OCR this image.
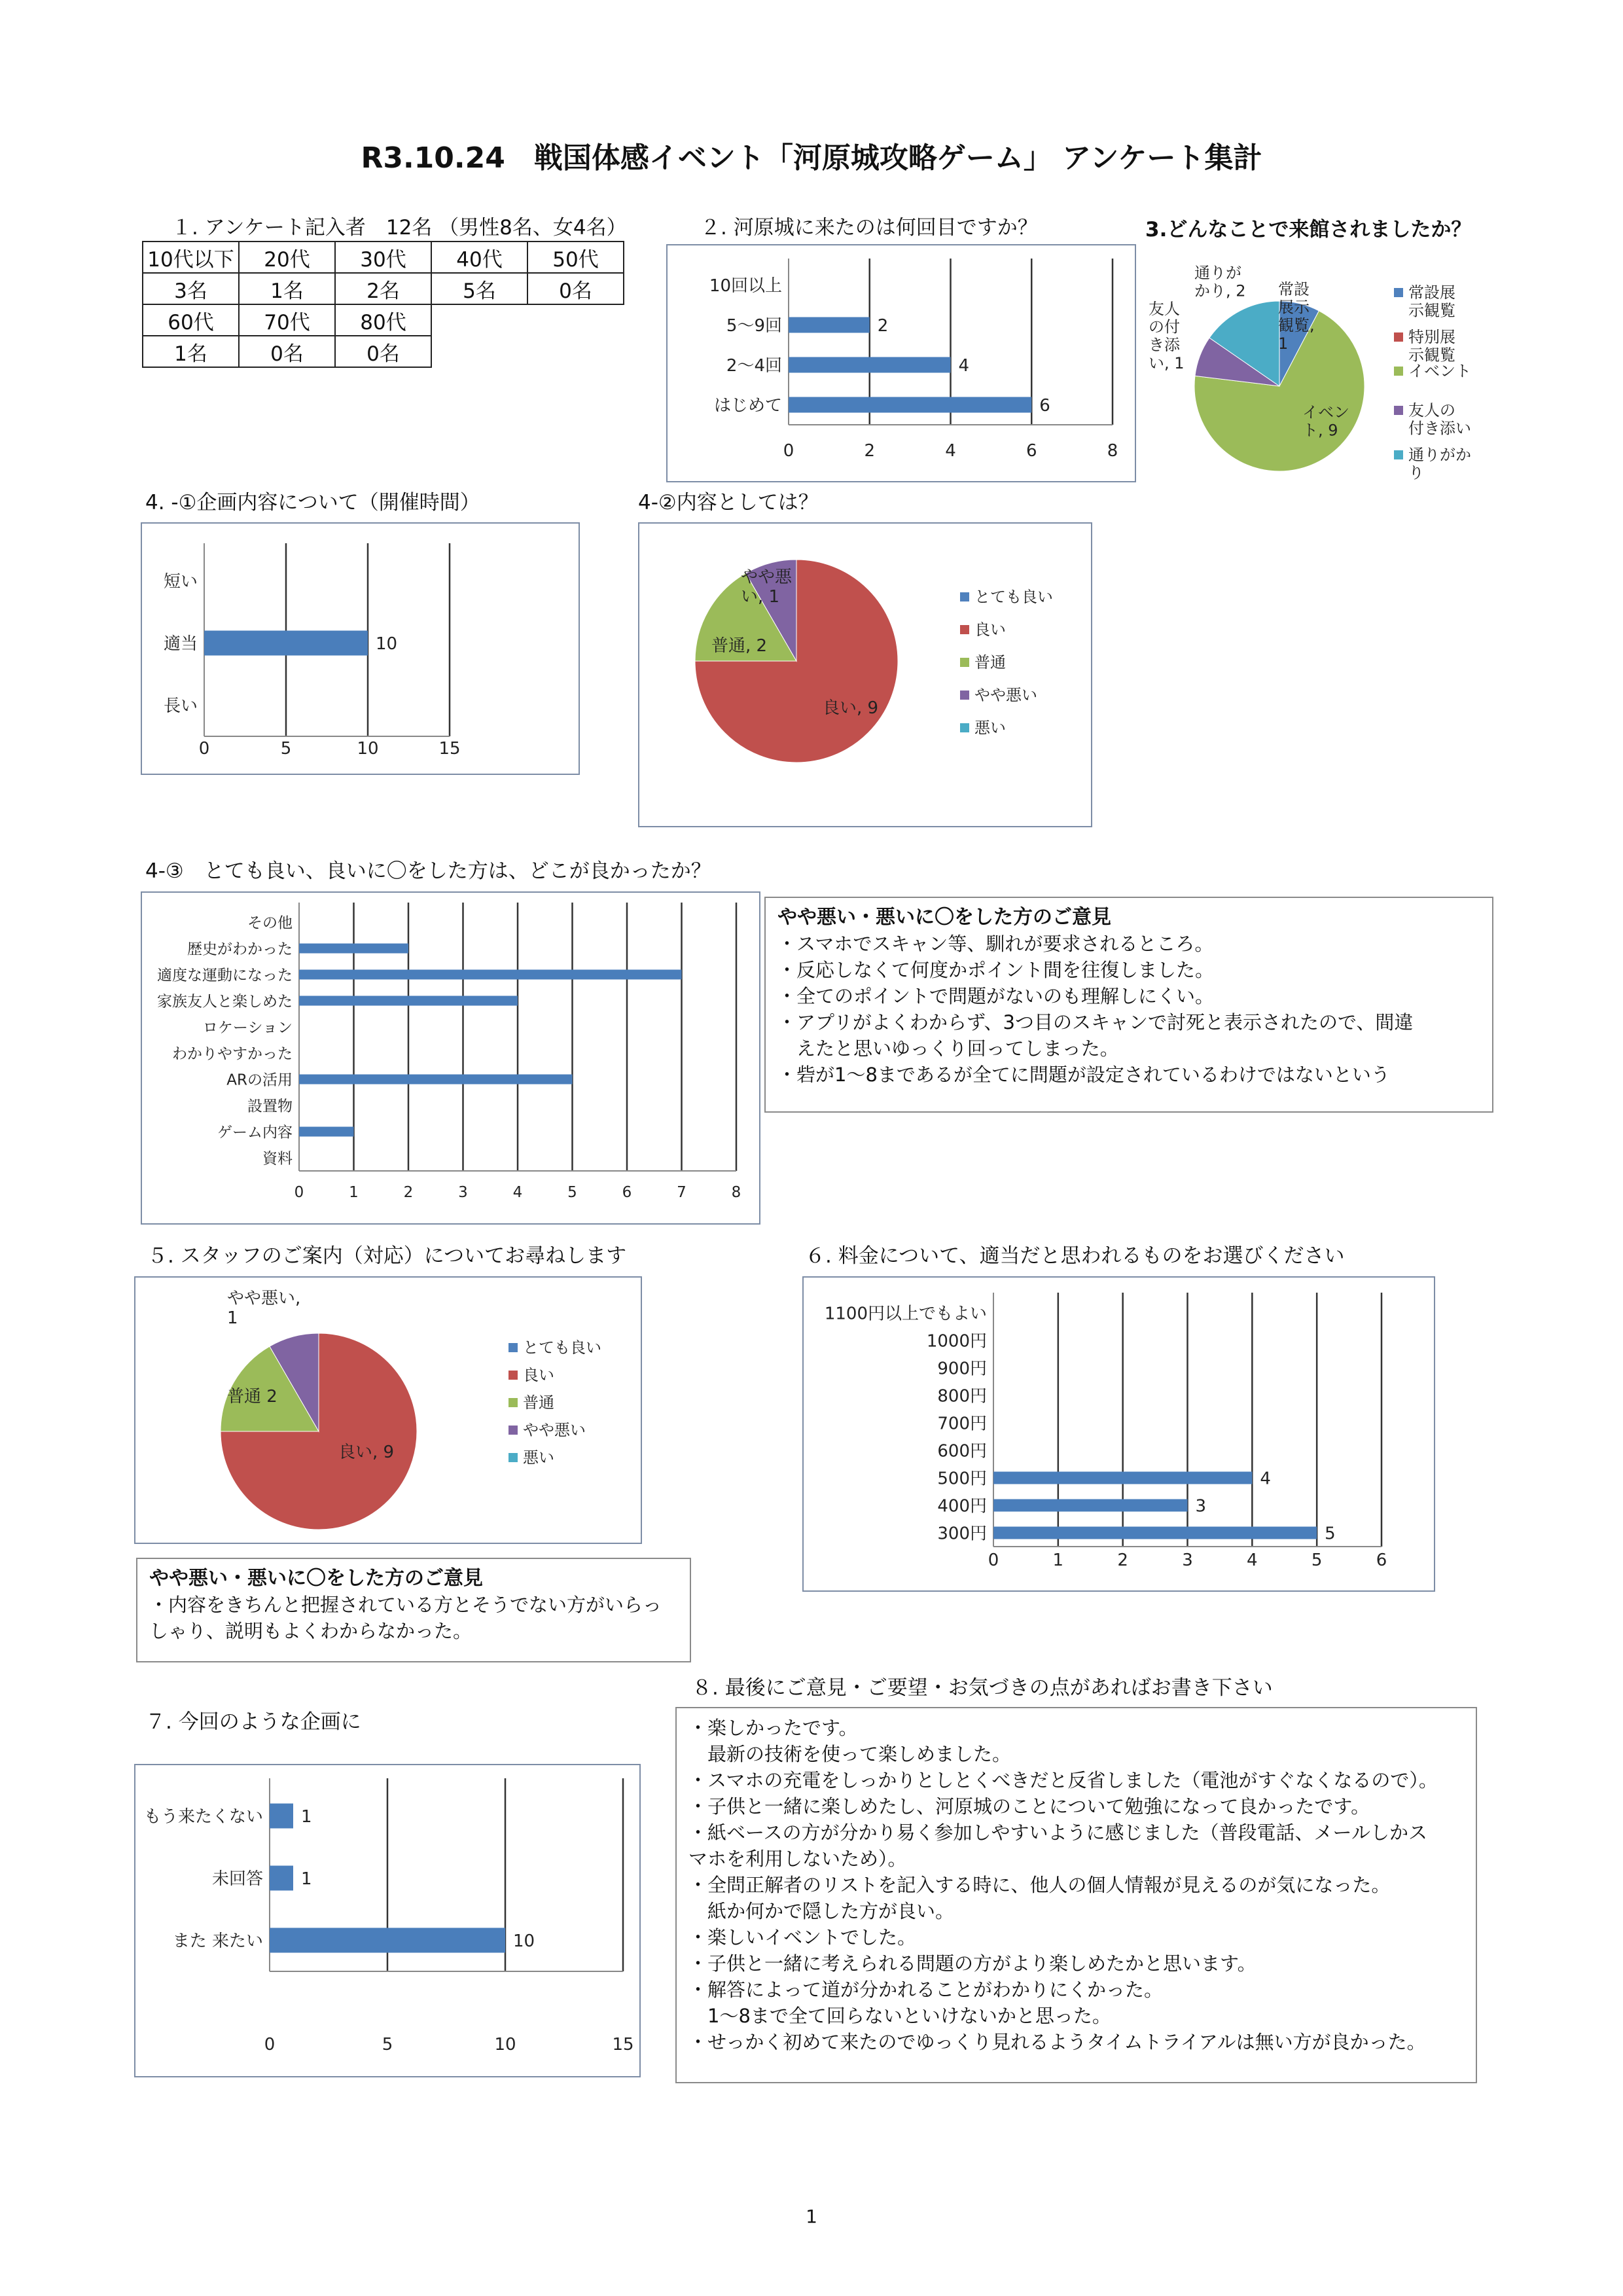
R3.10.24　戦国体感イベント「河原城攻略ゲーム」 アンケート集計
１. アンケート記入者　12名 （男性8名、女4名）
10代以下	20代	30代	40代	50代
3名	1名	2名	5名	0名
60代	70代	80代		
1名	0名	0名		
２. 河原城に来たのは何回目ですか？
0	2	4	6	8
10回以上
5～9回	2
2～4回	4
はじめて	6
3.どんなことで来館されましたか？
常設展示観覧, 1
イベント, 9
友人の付き添い, 1
通りがかり, 2	常設展示観覧
特別展示観覧
イベント
友人の付き添い
通りがかり
4. -①企画内容について（開催時間）
0	5	10	15
短い
適当	10
長い
4-②内容としては？
良い, 9
普通, 2
やや悪い, 1	とても良い
良い
普通
やや悪い
悪い
4-③　とても良い、良いに〇をした方は、どこが良かったか？
0	1	2	3	4	5	6	7	8
その他
歴史がわかった
適度な運動になった
家族友人と楽しめた
ロケーション
わかりやすかった
ARの活用
設置物
ゲーム内容
資料
やや悪い・悪いに〇をした方のご意見
・スマホでスキャン等、馴れが要求されるところ。
・反応しなくて何度かポイント間を往復しました。
・全てのポイントで問題がないのも理解しにくい。
・アプリがよくわからず、3つ目のスキャンで討死と表示されたので、間違
　えたと思いゆっくり回ってしまった。
・砦が1～8まであるが全てに問題が設定されているわけではないという
５. スタッフのご案内（対応）についてお尋ねします
良い, 9
普通 2
やや悪い, 1
とても良い
良い
普通
やや悪い
悪い
やや悪い・悪いに〇をした方のご意見
・内容をきちんと把握されている方とそうでない方がいらっ
しゃり、説明もよくわからなかった。
６. 料金について、適当だと思われるものをお選びください
0	1	2	3	4	5	6
1100円以上でもよい
1000円
900円
800円
700円
600円
500円	4
400円	3
300円	5
７. 今回のような企画に
0	5	10	15
もう来たくない 1
未回答 1
また 来たい	10
８. 最後にご意見・ご要望・お気づきの点があればお書き下さい
・楽しかったです。
　最新の技術を使って楽しめました。
・スマホの充電をしっかりとしとくべきだと反省しました（電池がすぐなくなるので）。
・子供と一緒に楽しめたし、河原城のことについて勉強になって良かったです。
・紙ベースの方が分かり易く参加しやすいように感じました（普段電話、メールしかス
マホを利用しないため）。
・全問正解者のリストを記入する時に、他人の個人情報が見えるのが気になった。
　紙か何かで隠した方が良い。
・楽しいイベントでした。
・子供と一緒に考えられる問題の方がより楽しめたかと思います。
・解答によって道が分かれることがわかりにくかった。
　1～8まで全て回らないといけないかと思った。
・せっかく初めて来たのでゆっくり見れるようタイムトライアルは無い方が良かった。
1
